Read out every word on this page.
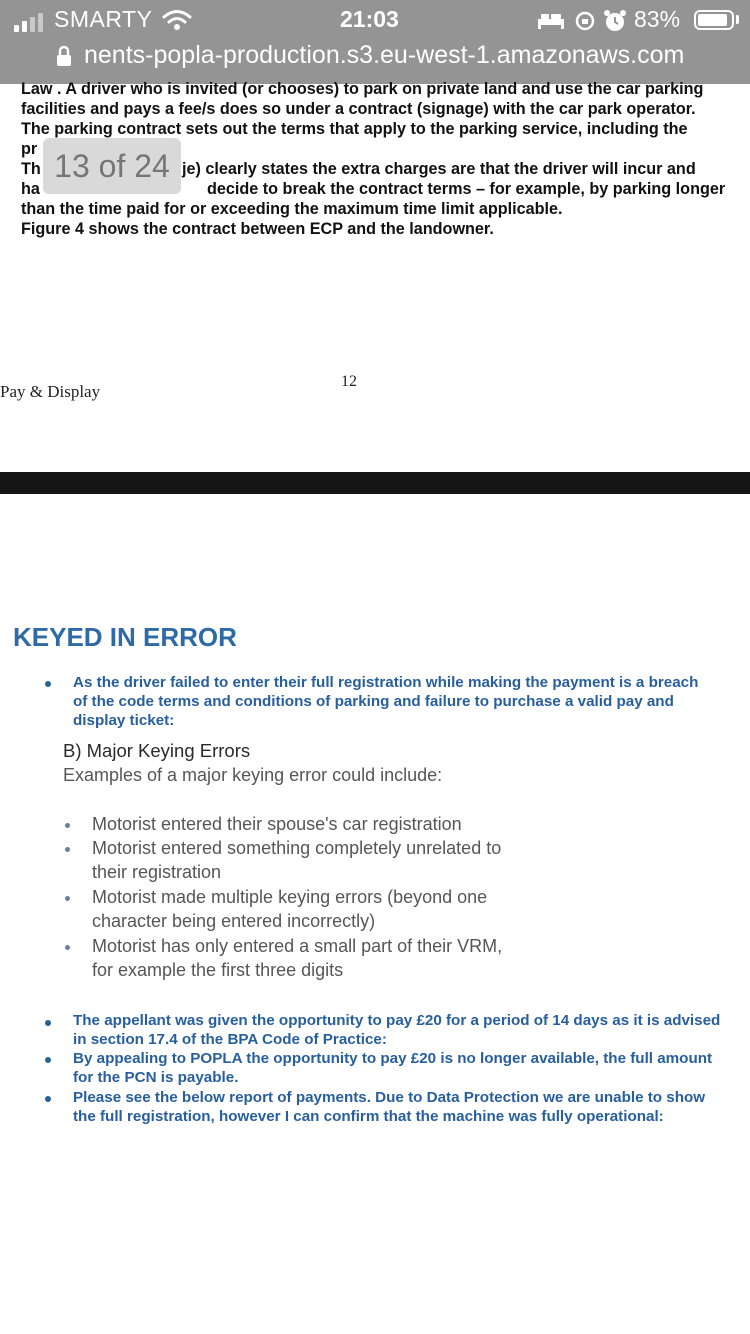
SMARTY	21:03	83%
nents-popla-production.s3.eu-west-1.amazonaws.com
Law . A driver who is invited (or chooses) to park on private land and use the car parking
facilities and pays a fee/s does so under a contract (signage) with the car park operator.
The parking contract sets out the terms that apply to the parking service, including the
pr
Th
ha
je) clearly states the extra charges are that the driver will incur and
decide to break the contract terms – for example, by parking longer
than the time paid for or exceeding the maximum time limit applicable.
Figure 4 shows the contract between ECP and the landowner.
13 of 24
Pay & Display
12
KEYED IN ERROR
As the driver failed to enter their full registration while making the payment is a breach
of the code terms and conditions of parking and failure to purchase a valid pay and
display ticket:
B) Major Keying Errors
Examples of a major keying error could include:
Motorist entered their spouse's car registration
Motorist entered something completely unrelated to
their registration
Motorist made multiple keying errors (beyond one
character being entered incorrectly)
Motorist has only entered a small part of their VRM,
for example the first three digits
The appellant was given the opportunity to pay £20 for a period of 14 days as it is advised
in section 17.4 of the BPA Code of Practice:
By appealing to POPLA the opportunity to pay £20 is no longer available, the full amount
for the PCN is payable.
Please see the below report of payments. Due to Data Protection we are unable to show
the full registration, however I can confirm that the machine was fully operational:
